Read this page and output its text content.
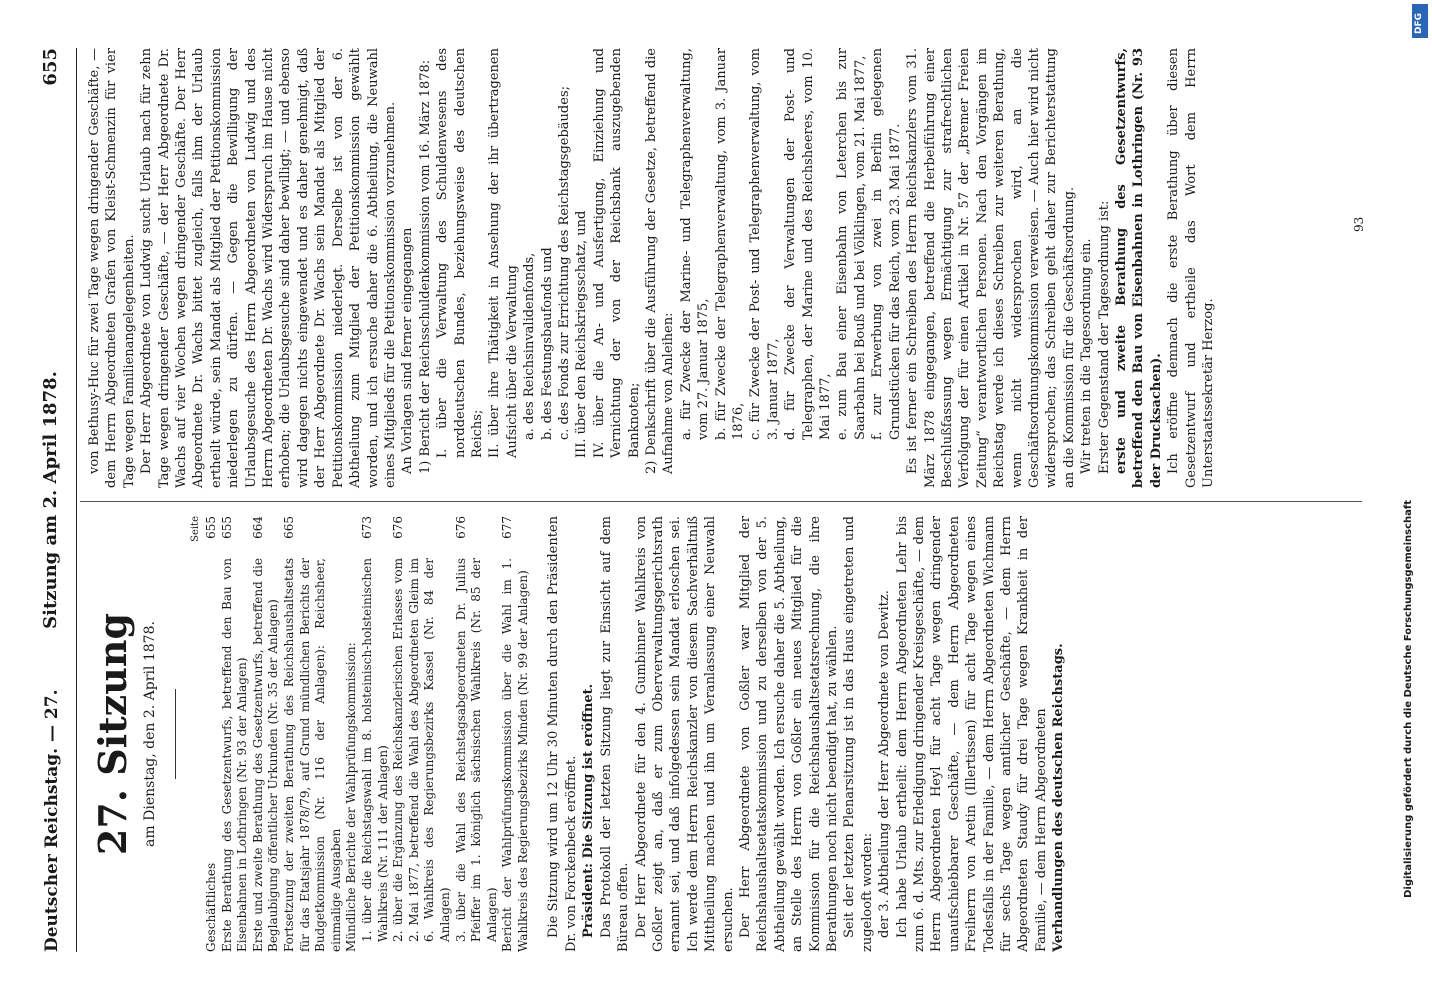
Deutscher Reichstag. — 27.
Sitzung am 2. April 1878.
655
27. Sitzung am Dienstag, den 2. April 1878.
Seite
Geschäftliches
655
Erste Berathung des Gesetzentwurfs, betreffend den Bau von Eisenbahnen in Lothringen (Nr. 93 der Anlagen)
655
Erste und zweite Berathung des Gesetzentwurfs, betreffend die Beglaubigung öffentlicher Urkunden (Nr. 35 der Anlagen)
664
Fortsetzung der zweiten Berathung des Reichshaushaltsetats für das Etatsjahr 1878/79, auf Grund mündlichen Berichts der Budgetkommission (Nr. 116 der Anlagen): Reichsheer, einmalige Ausgaben
665
Mündliche Berichte der Wahlprüfungskommission: 1. über die Reichstagswahl im 8. holsteinisch-holsteinischen Wahlkreis (Nr. 111 der Anlagen)
673
2. über die Ergänzung des Reichskanzlerischen Erlasses vom 2. Mai 1877, betreffend die Wahl des Abgeordneten Gleim im 6. Wahlkreis des Regierungsbezirks Kassel (Nr. 84 der Anlagen)
676
3. über die Wahl des Reichstagsabgeordneten Dr. Julius Pfeiffer im 1. königlich sächsischen Wahlkreis (Nr. 85 der Anlagen)
676
Bericht der Wahlprüfungskommission über die Wahl im 1. Wahlkreis des Regierungsbezirks Minden (Nr. 99 der Anlagen)
677	Die Sitzung wird um 12 Uhr 30 Minuten durch den Präsidenten Dr. von Forckenbeck eröffnet. Präsident: Die Sitzung ist eröffnet. Das Protokoll der letzten Sitzung liegt zur Einsicht auf dem Büreau offen. Der Herr Abgeordnete für den 4. Gumbinner Wahlkreis von Goßler zeigt an, daß er zum Oberverwaltungsgerichtsrath ernannt sei, und daß infolgedessen sein Mandat erloschen sei. Ich werde dem Herrn Reichskanzler von diesem Sachverhältniß Mittheilung machen und ihn um Veranlassung einer Neuwahl ersuchen. Der Herr Abgeordnete von Goßler war Mitglied der Reichshaushaltsetatskommission und zu derselben von der 5. Abtheilung gewählt worden. Ich ersuche daher die 5. Abtheilung, an Stelle des Herrn von Goßler ein neues Mitglied für die Kommission für die Reichshaushaltsetatsrechnung, die ihre Berathungen noch nicht beendigt hat, zu wählen. Seit der letzten Plenarsitzung ist in das Haus eingetreten und zugelooft worden: der 3. Abtheilung der Herr Abgeordnete von Dewitz. Ich habe Urlaub ertheilt: dem Herrn Abgeordneten Lehr bis zum 6. d. Mts. zur Erledigung dringender Kreisgeschäfte, — dem Herrn Abgeordneten Heyl für acht Tage wegen dringender unaufschiebbarer Geschäfte, — dem Herrn Abgeordneten Freiherrn von Aretin (Illertissen) für acht Tage wegen eines Todesfalls in der Familie, — dem Herrn Abgeordneten Wichmann für sechs Tage wegen amtlicher Geschäfte, — dem Herrn Abgeordneten Staudy für drei Tage wegen Krankheit in der Familie, — dem Herrn Abgeordneten Verhandlungen des deutschen Reichstags.

von Bethusy-Huc für zwei Tage wegen dringender Geschäfte, — dem Herrn Abgeordneten Grafen von Kleist-Schmenzin für vier Tage wegen Familienangelegenheiten. Der Herr Abgeordnete von Ludwig sucht Urlaub nach für zehn Tage wegen dringender Geschäfte, — der Herr Abgeordnete Dr. Wachs auf vier Wochen wegen dringender Geschäfte. Der Herr Abgeordnete Dr. Wachs bittet zugleich, falls ihm der Urlaub ertheilt würde, sein Mandat als Mitglied der Petitionskommission niederlegen zu dürfen. — Gegen die Bewilligung der Urlaubsgesuche des Herrn Abgeordneten von Ludwig und des Herrn Abgeordneten Dr. Wachs wird Widerspruch im Hause nicht erhoben; die Urlaubsgesuche sind daher bewilligt; — und ebenso wird dagegen nichts eingewendet und es daher genehmigt, daß der Herr Abgeordnete Dr. Wachs sein Mandat als Mitglied der Petitionskommission niederlegt. Derselbe ist von der 6. Abtheilung zum Mitglied der Petitionskommission gewählt worden, und ich ersuche daher die 6. Abtheilung, die Neuwahl eines Mitglieds für die Petitionskommission vorzunehmen. An Vorlagen sind ferner eingegangen 1) Bericht der Reichsschuldenkommission vom 16. März 1878: I. über die Verwaltung des Schuldenwesens des norddeutschen Bundes, beziehungsweise des deutschen Reichs; II. über ihre Thätigkeit in Ansehung der ihr übertragenen Aufsicht über die Verwaltung a. des Reichsinvalidenfonds, b. des Festungsbaufonds und c. des Fonds zur Errichtung des Reichstagsgebäudes; III. über den Reichskriegsschatz, und IV. über die An- und Ausfertigung, Einziehung und Vernichtung der von der Reichsbank auszugebenden Banknoten; 2) Denkschrift über die Ausführung der Gesetze, betreffend die Aufnahme von Anleihen: a. für Zwecke der Marine- und Telegraphenverwaltung, vom 27. Januar 1875, b. für Zwecke der Telegraphenverwaltung, vom 3. Januar 1876, c. für Zwecke der Post- und Telegraphenverwaltung, vom 3. Januar 1877, d. für Zwecke der Verwaltungen der Post- und Telegraphen, der Marine und des Reichsheeres, vom 10. Mai 1877, e. zum Bau einer Eisenbahn von Leterchen bis zur Saarbahn bei Bouß und bei Völklingen, vom 21. Mai 1877, f. zur Erwerbung von zwei in Berlin gelegenen Grundstücken für das Reich, vom 23. Mai 1877. Es ist ferner ein Schreiben des Herrn Reichskanzlers vom 31. März 1878 eingegangen, betreffend die Herbeiführung einer Beschlußfassung wegen Ermächtigung zur strafrechtlichen Verfolgung der für einen Artikel in Nr. 57 der „Bremer Freien Zeitung“ verantwortlichen Personen. Nach den Vorgängen im Reichstag werde ich dieses Schreiben zur weiteren Berathung, wenn nicht widersprochen wird, an die Geschäftsordnungskommission verweisen. — Auch hier wird nicht widersprochen; das Schreiben geht daher zur Berichterstattung an die Kommission für die Geschäftsordnung. Wir treten in die Tagesordnung ein. Erster Gegenstand der Tagesordnung ist: erste und zweite Berathung des Gesetzentwurfs, betreffend den Bau von Eisenbahnen in Lothringen (Nr. 93 der Drucksachen). Ich eröffne demnach die erste Berathung über diesen Gesetzentwurf und ertheile das Wort dem Herrn Unterstaatssekretär Herzog.

93
Digitalisierung gefördert durch die Deutsche Forschungsgemeinschaft
DFG
